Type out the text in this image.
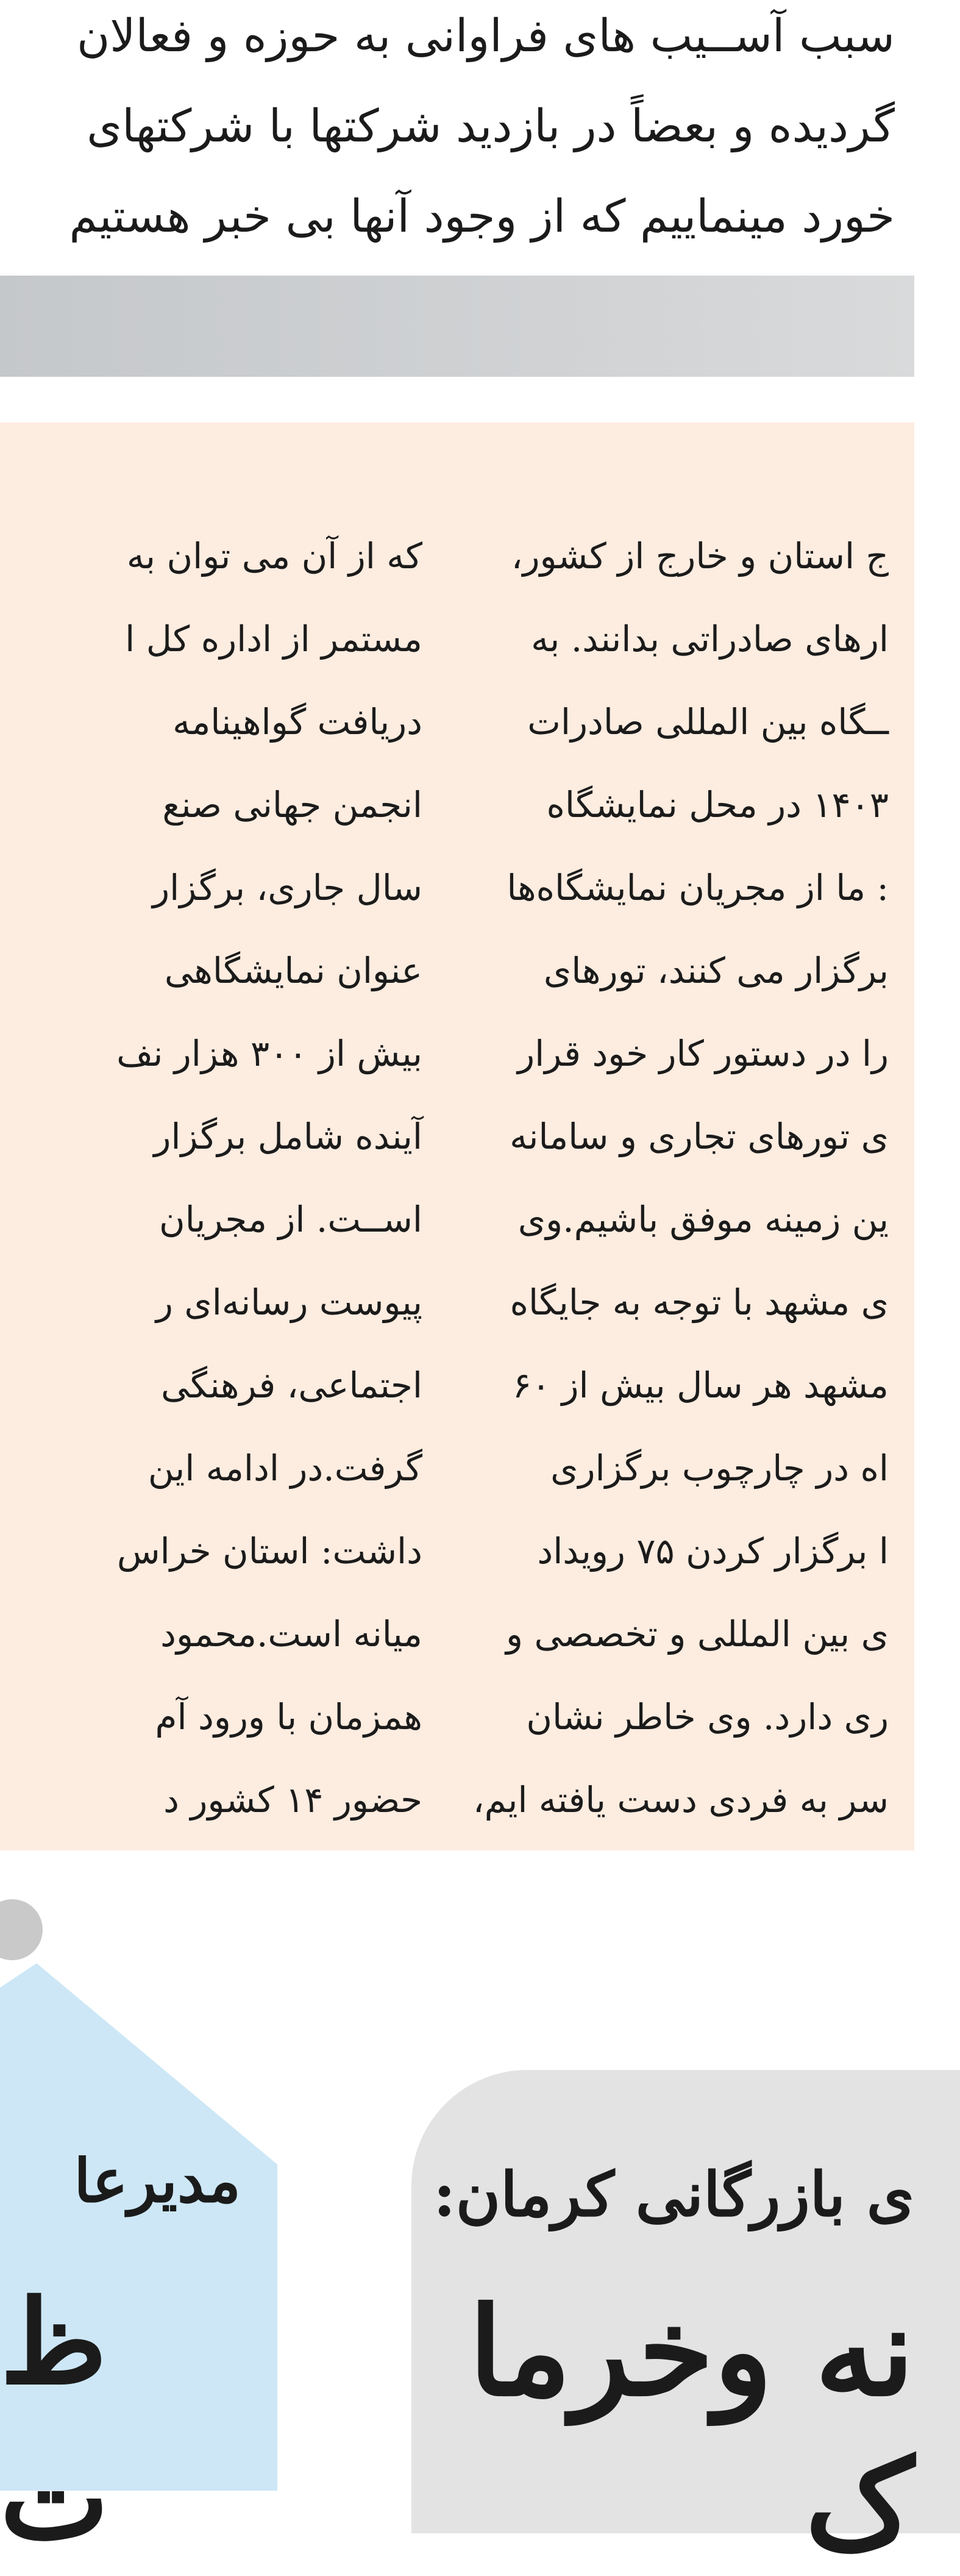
سبب آســیب های فراوانی به حوزه و فعالان
گردیده و بعضاً در بازدید شرکتها با شرکتهای
خورد مینماییم که از وجود آنها بی خبر هستیم
که از آن می توان به
مستمر از اداره کل ا
دریافت گواهینامه
انجمن جهانی صنع
سال جاری، برگزار
عنوان نمایشگاهی
بیش از ۳۰۰ هزار نف
آینده شامل برگزار
اســت. از مجریان
پیوست رسانه‌ای ر
اجتماعی، فرهنگی
گرفت.در ادامه این
داشت: استان خراس
میانه است.محمود
همزمان با ورود آم
حضور ۱۴ کشور د
ج استان و خارج از کشور،
ارهای صادراتی بدانند. به
ــگاه بین المللی صادرات
۱۴۰۳ در محل نمایشگاه
: ما از مجریان نمایشگاه‌ها
برگزار می کنند، تورهای
را در دستور کار خود قرار
ی تورهای تجاری و سامانه
ین زمینه موفق باشیم.وی
ی مشهد با توجه به جایگاه
مشهد هر سال بیش از ۶۰
اه در چارچوب برگزاری
ا برگزار کردن ۷۵ رویداد
ی بین المللی و تخصصی و
ری دارد. وی خاطر نشان
سر به فردی دست یافته ایم،
مدیرعا
ظ
ت
ی بازرگانی کرمان:
نه وخرما
ک
